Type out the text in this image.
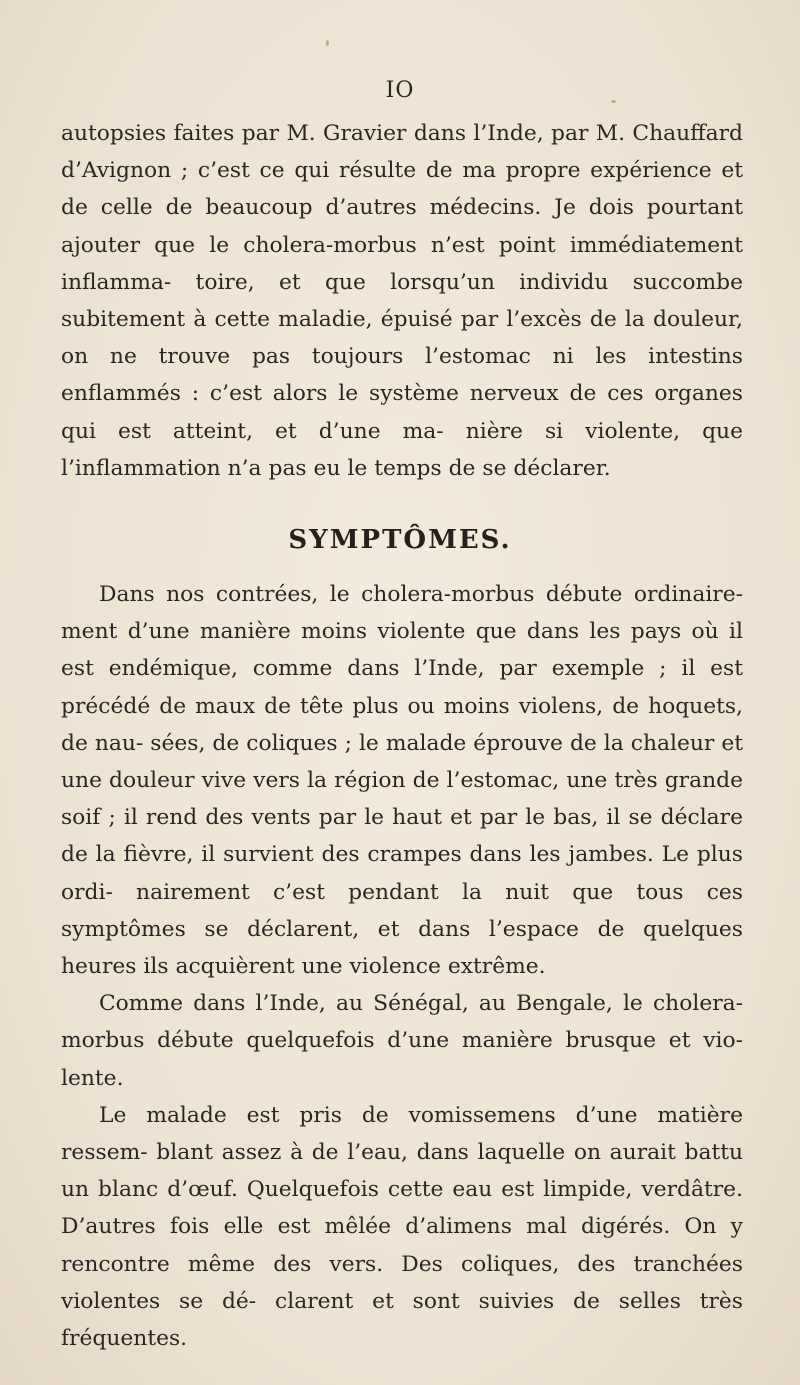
IO

autopsies faites par M. Gravier dans l’Inde, par M. Chauffard d’Avignon ; c’est ce qui résulte de ma propre expérience et de celle de beaucoup d’autres médecins. Je dois pourtant ajouter que le cholera-morbus n’est point immédiatement inflamma- toire, et que lorsqu’un individu succombe subitement à cette maladie, épuisé par l’excès de la douleur, on ne trouve pas toujours l’estomac ni les intestins enflammés : c’est alors le système nerveux de ces organes qui est atteint, et d’une ma- nière si violente, que l’inflammation n’a pas eu le temps de se déclarer.

SYMPTÔMES.

Dans nos contrées, le cholera-morbus débute ordinaire- ment d’une manière moins violente que dans les pays où il est endémique, comme dans l’Inde, par exemple ; il est précédé de maux de tête plus ou moins violens, de hoquets, de nau- sées, de coliques ; le malade éprouve de la chaleur et une douleur vive vers la région de l’estomac, une très grande soif ; il rend des vents par le haut et par le bas, il se déclare de la fièvre, il survient des crampes dans les jambes. Le plus ordi- nairement c’est pendant la nuit que tous ces symptômes se déclarent, et dans l’espace de quelques heures ils acquièrent une violence extrême.

Comme dans l’Inde, au Sénégal, au Bengale, le cholera- morbus débute quelquefois d’une manière brusque et vio- lente.

Le malade est pris de vomissemens d’une matière ressem- blant assez à de l’eau, dans laquelle on aurait battu un blanc d’œuf. Quelquefois cette eau est limpide, verdâtre. D’autres fois elle est mêlée d’alimens mal digérés. On y rencontre même des vers. Des coliques, des tranchées violentes se dé- clarent et sont suivies de selles très fréquentes.
